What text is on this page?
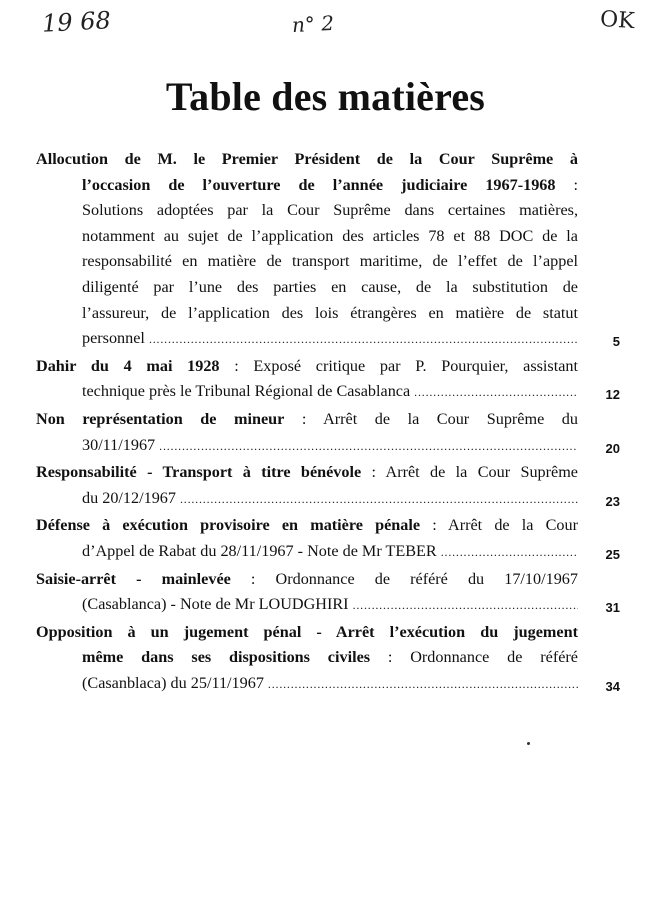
19 68	n° 2	OK
Table des matières
Allocution de M. le Premier Président de la Cour Suprême à
l’occasion de l’ouverture de l’année judiciaire 1967-1968 :
Solutions adoptées par la Cour Suprême dans certaines matières,
notamment au sujet de l’application des articles 78 et 88 DOC de la
responsabilité en matière de transport maritime, de l’effet de l’appel
diligenté par l’une des parties en cause, de la substitution de
l’assureur, de l’application des lois étrangères en matière de statut
personnel . . .	5
Dahir du 4 mai 1928 : Exposé critique par P. Pourquier, assistant
technique près le Tribunal Régional de Casablanca . . .	12
Non représentation de mineur : Arrêt de la Cour Suprême du
30/11/1967 . . .	20
Responsabilité - Transport à titre bénévole : Arrêt de la Cour Suprême
du 20/12/1967 . . .	23
Défense à exécution provisoire en matière pénale : Arrêt de la Cour
d’Appel de Rabat du 28/11/1967 - Note de Mr TEBER . . .	25
Saisie-arrêt - mainlevée : Ordonnance de référé du 17/10/1967
(Casablanca) - Note de Mr LOUDGHIRI . . .	31
Opposition à un jugement pénal - Arrêt l’exécution du jugement
même dans ses dispositions civiles : Ordonnance de référé
(Casanblaca) du 25/11/1967 . . .	34
